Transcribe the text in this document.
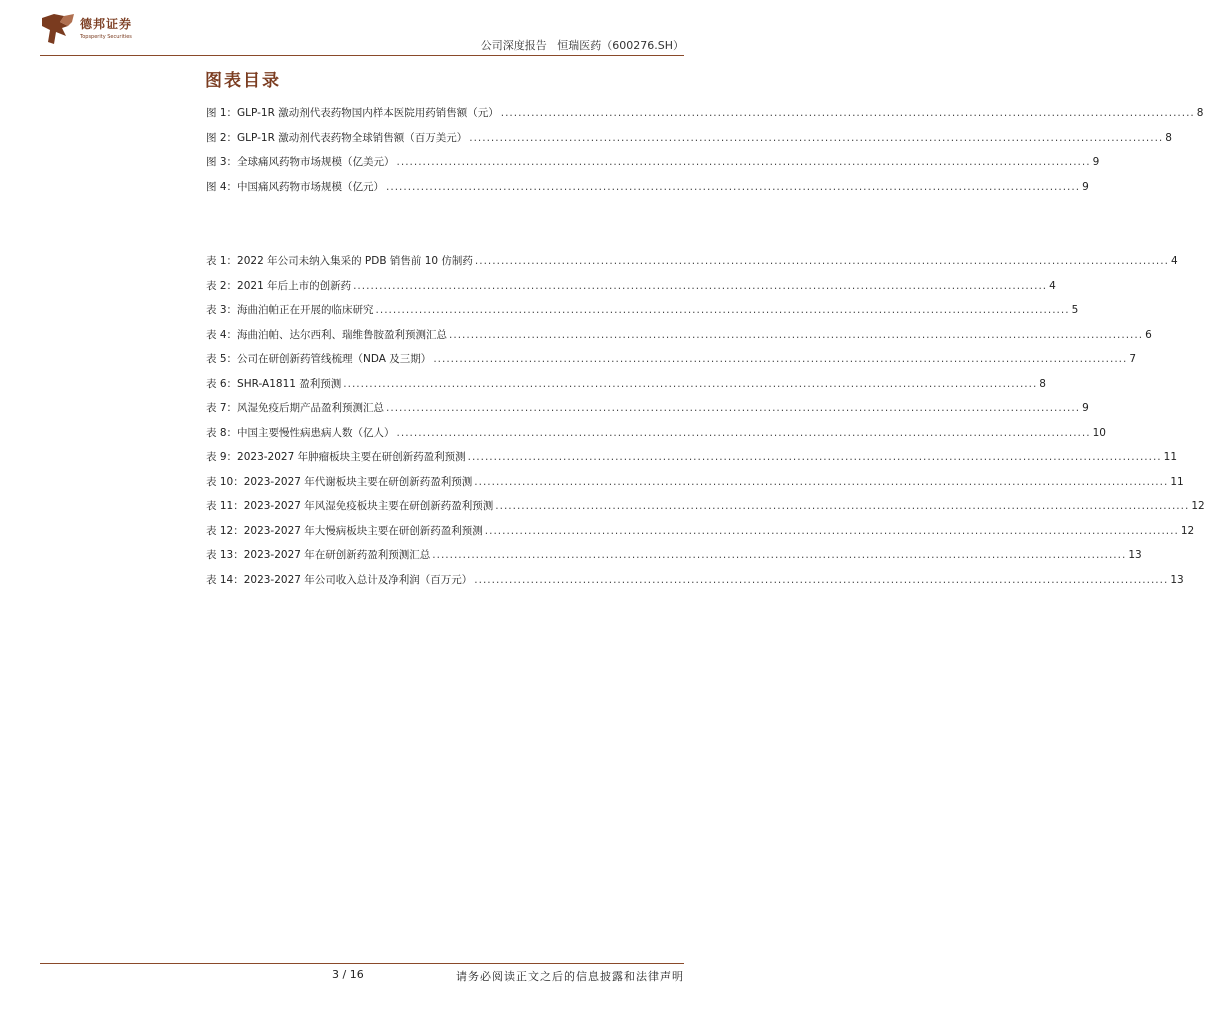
德邦证券
Topsperity Securities
公司深度报告 恒瑞医药（600276.SH）
图表目录
图 1： GLP-1R 激动剂代表药物国内样本医院用药销售额（元） .....	8
图 2： GLP-1R 激动剂代表药物全球销售额（百万美元） .....	8
图 3： 全球痛风药物市场规模（亿美元） .....	9
图 4： 中国痛风药物市场规模（亿元） .....	9
表 1： 2022 年公司未纳入集采的 PDB 销售前 10 仿制药 .....	4
表 2： 2021 年后上市的创新药 .....	4
表 3： 海曲泊帕正在开展的临床研究 .....	5
表 4： 海曲泊帕、达尔西利、瑞维鲁胺盈利预测汇总 .....	6
表 5： 公司在研创新药管线梳理（NDA 及三期） .....	7
表 6： SHR-A1811 盈利预测 .....	8
表 7： 风湿免疫后期产品盈利预测汇总 .....	9
表 8： 中国主要慢性病患病人数（亿人） .....	10
表 9： 2023-2027 年肿瘤板块主要在研创新药盈利预测 .....	11
表 10： 2023-2027 年代谢板块主要在研创新药盈利预测 .....	11
表 11： 2023-2027 年风湿免疫板块主要在研创新药盈利预测 .....	12
表 12： 2023-2027 年大慢病板块主要在研创新药盈利预测 .....	12
表 13： 2023-2027 年在研创新药盈利预测汇总 .....	13
表 14： 2023-2027 年公司收入总计及净利润（百万元） .....	13
3 / 16	请务必阅读正文之后的信息披露和法律声明
